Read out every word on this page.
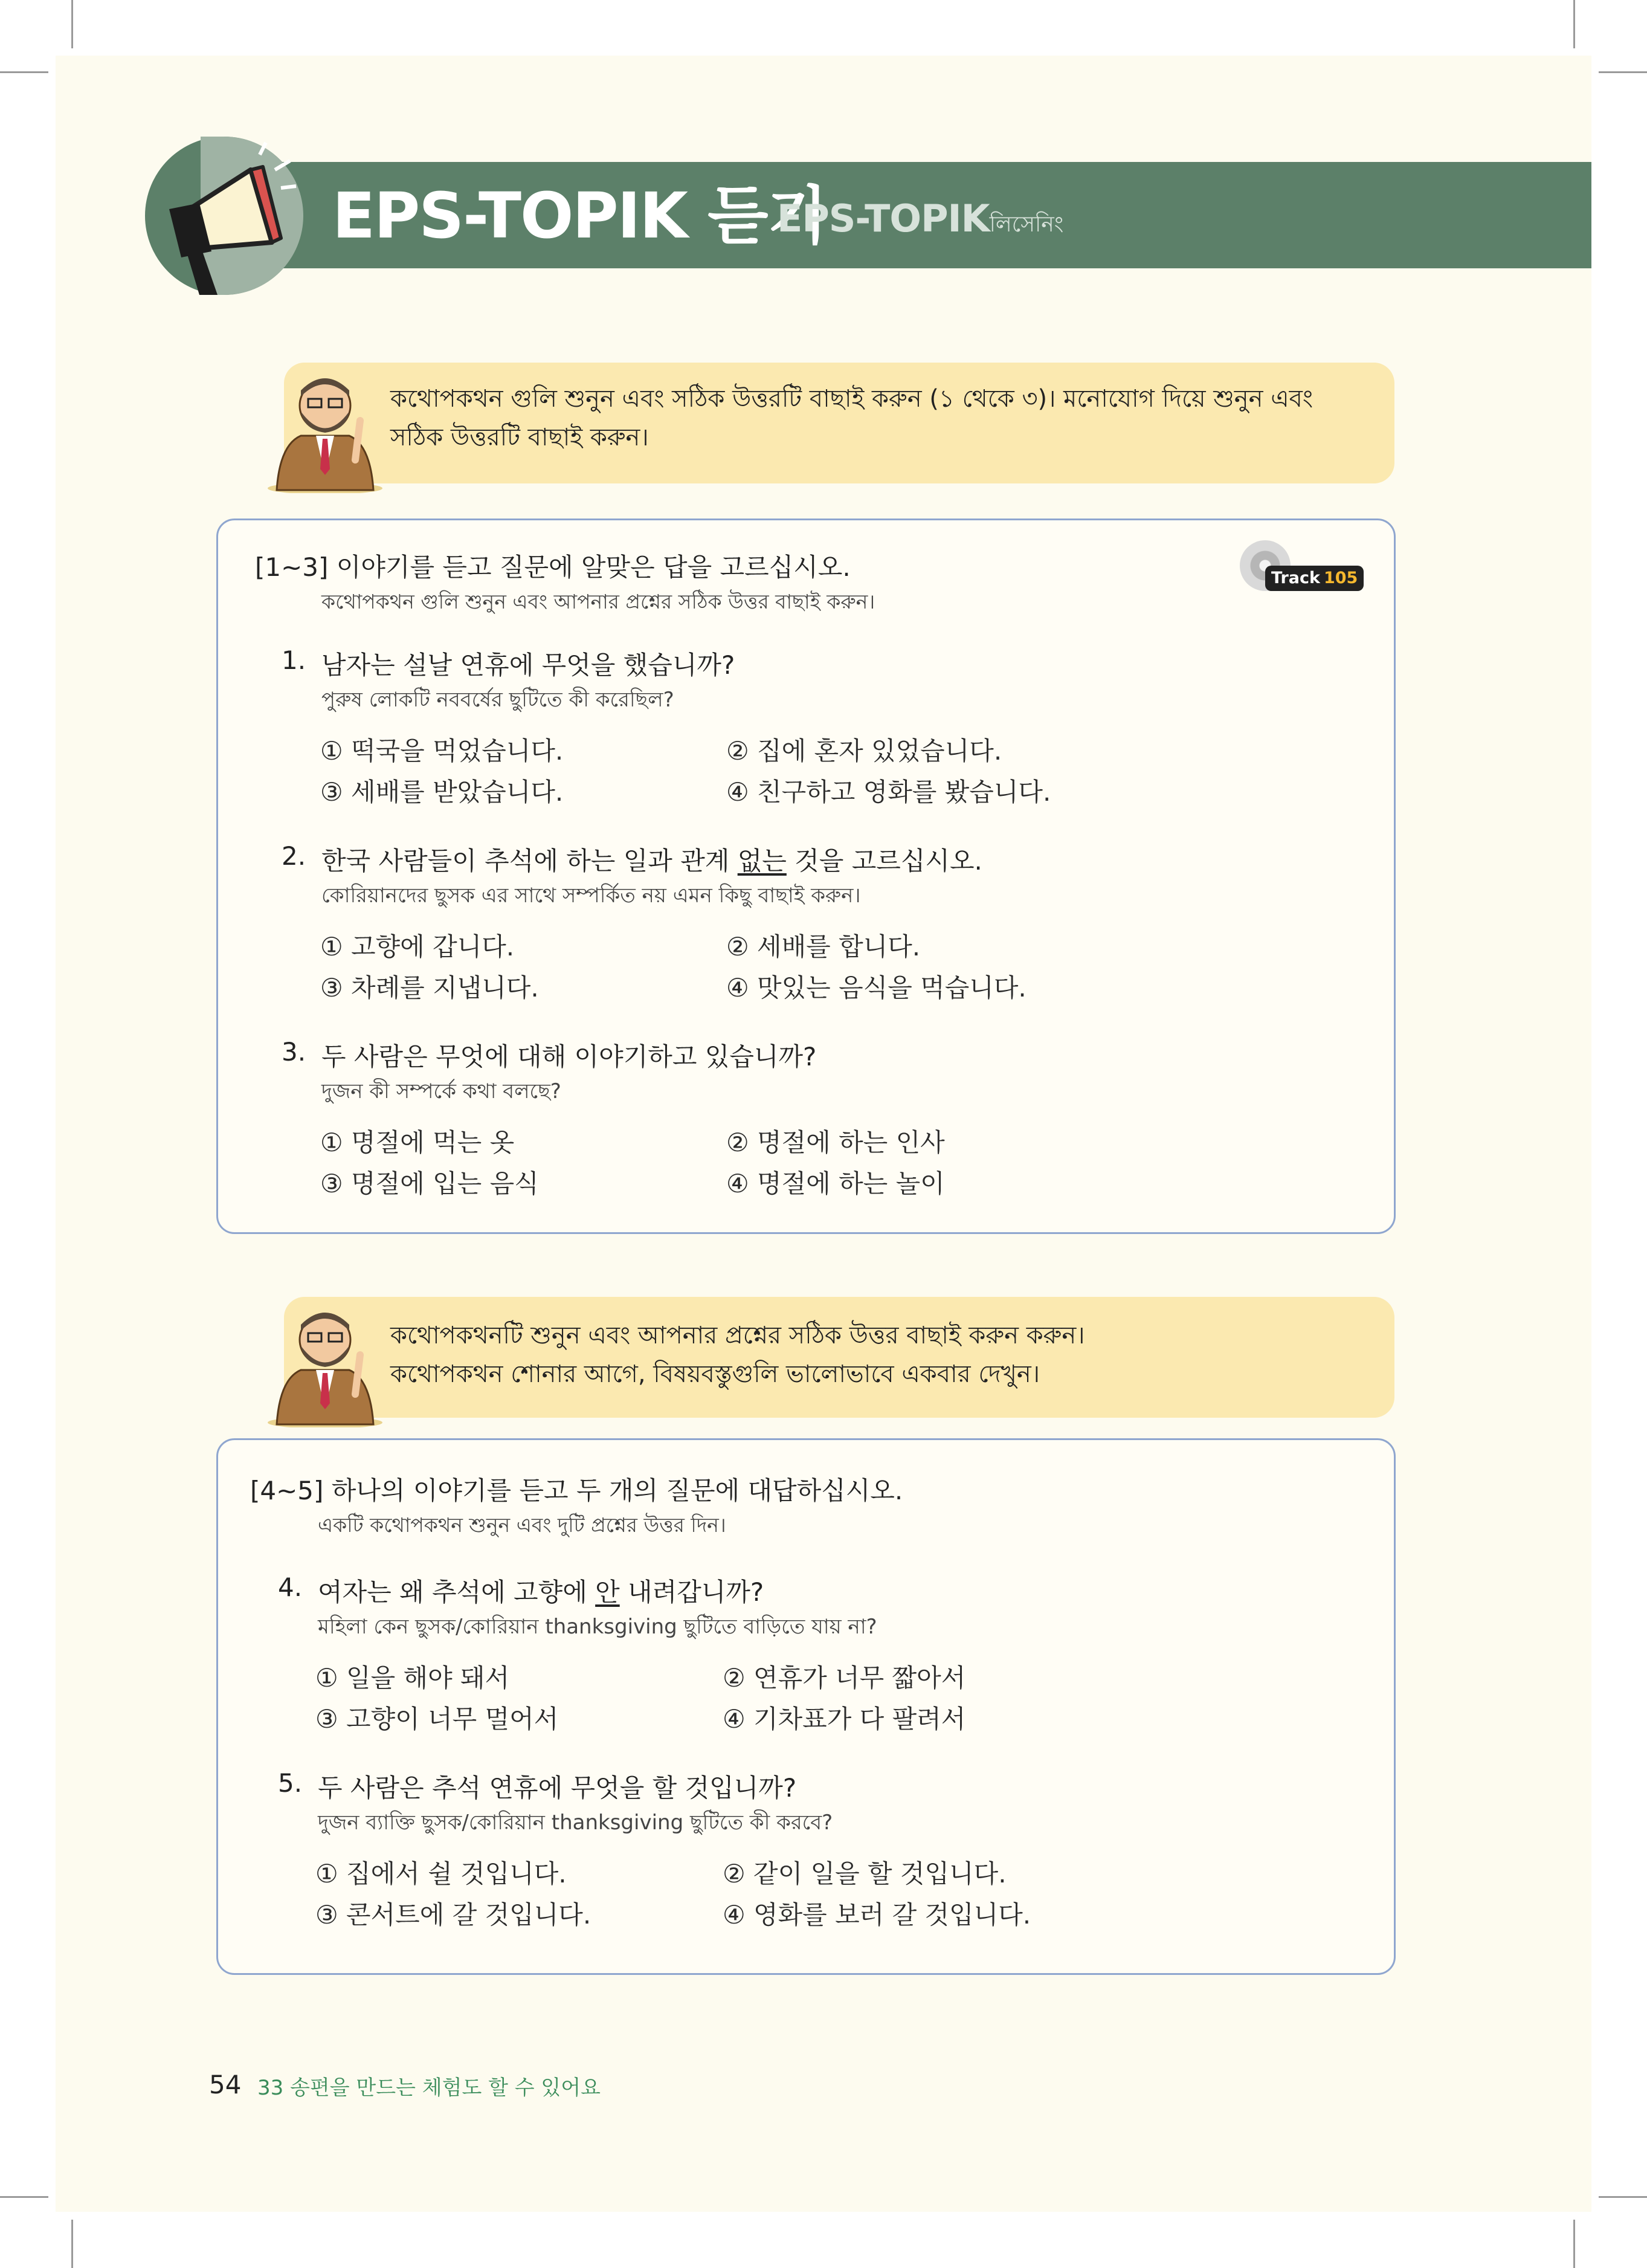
EPS-TOPIK 듣기
EPS-TOPIKলিসেনিং
কথোপকথন গুলি শুনুন এবং সঠিক উত্তরটি বাছাই করুন (১ থেকে ৩)। মনোযোগ দিয়ে শুনুন এবং
সঠিক উত্তরটি বাছাই করুন।
[1~3] 이야기를 듣고 질문에 알맞은 답을 고르십시오.
কথোপকথন গুলি শুনুন এবং আপনার প্রশ্নের সঠিক উত্তর বাছাই করুন।
Track 105
1. 남자는 설날 연휴에 무엇을 했습니까?
পুরুষ লোকটি নববর্ষের ছুটিতে কী করেছিল?
① 떡국을 먹었습니다.	② 집에 혼자 있었습니다.
③ 세배를 받았습니다.	④ 친구하고 영화를 봤습니다.
2. 한국 사람들이 추석에 하는 일과 관계 없는 것을 고르십시오.
কোরিয়ানদের ছুসক এর সাথে সম্পর্কিত নয় এমন কিছু বাছাই করুন।
① 고향에 갑니다.	② 세배를 합니다.
③ 차례를 지냅니다.	④ 맛있는 음식을 먹습니다.
3. 두 사람은 무엇에 대해 이야기하고 있습니까?
দুজন কী সম্পর্কে কথা বলছে?
① 명절에 먹는 옷	② 명절에 하는 인사
③ 명절에 입는 음식	④ 명절에 하는 놀이
কথোপকথনটি শুনুন এবং আপনার প্রশ্নের সঠিক উত্তর বাছাই করুন করুন।
কথোপকথন শোনার আগে, বিষয়বস্তুগুলি ভালোভাবে একবার দেখুন।
[4~5] 하나의 이야기를 듣고 두 개의 질문에 대답하십시오.
একটি কথোপকথন শুনুন এবং দুটি প্রশ্নের উত্তর দিন।
4. 여자는 왜 추석에 고향에 안 내려갑니까?
মহিলা কেন ছুসক/কোরিয়ান thanksgiving ছুটিতে বাড়িতে যায় না?
① 일을 해야 돼서	② 연휴가 너무 짧아서
③ 고향이 너무 멀어서	④ 기차표가 다 팔려서
5. 두 사람은 추석 연휴에 무엇을 할 것입니까?
দুজন ব্যাক্তি ছুসক/কোরিয়ান thanksgiving ছুটিতে কী করবে?
① 집에서 쉴 것입니다.	② 같이 일을 할 것입니다.
③ 콘서트에 갈 것입니다.	④ 영화를 보러 갈 것입니다.
54 33 송편을 만드는 체험도 할 수 있어요
